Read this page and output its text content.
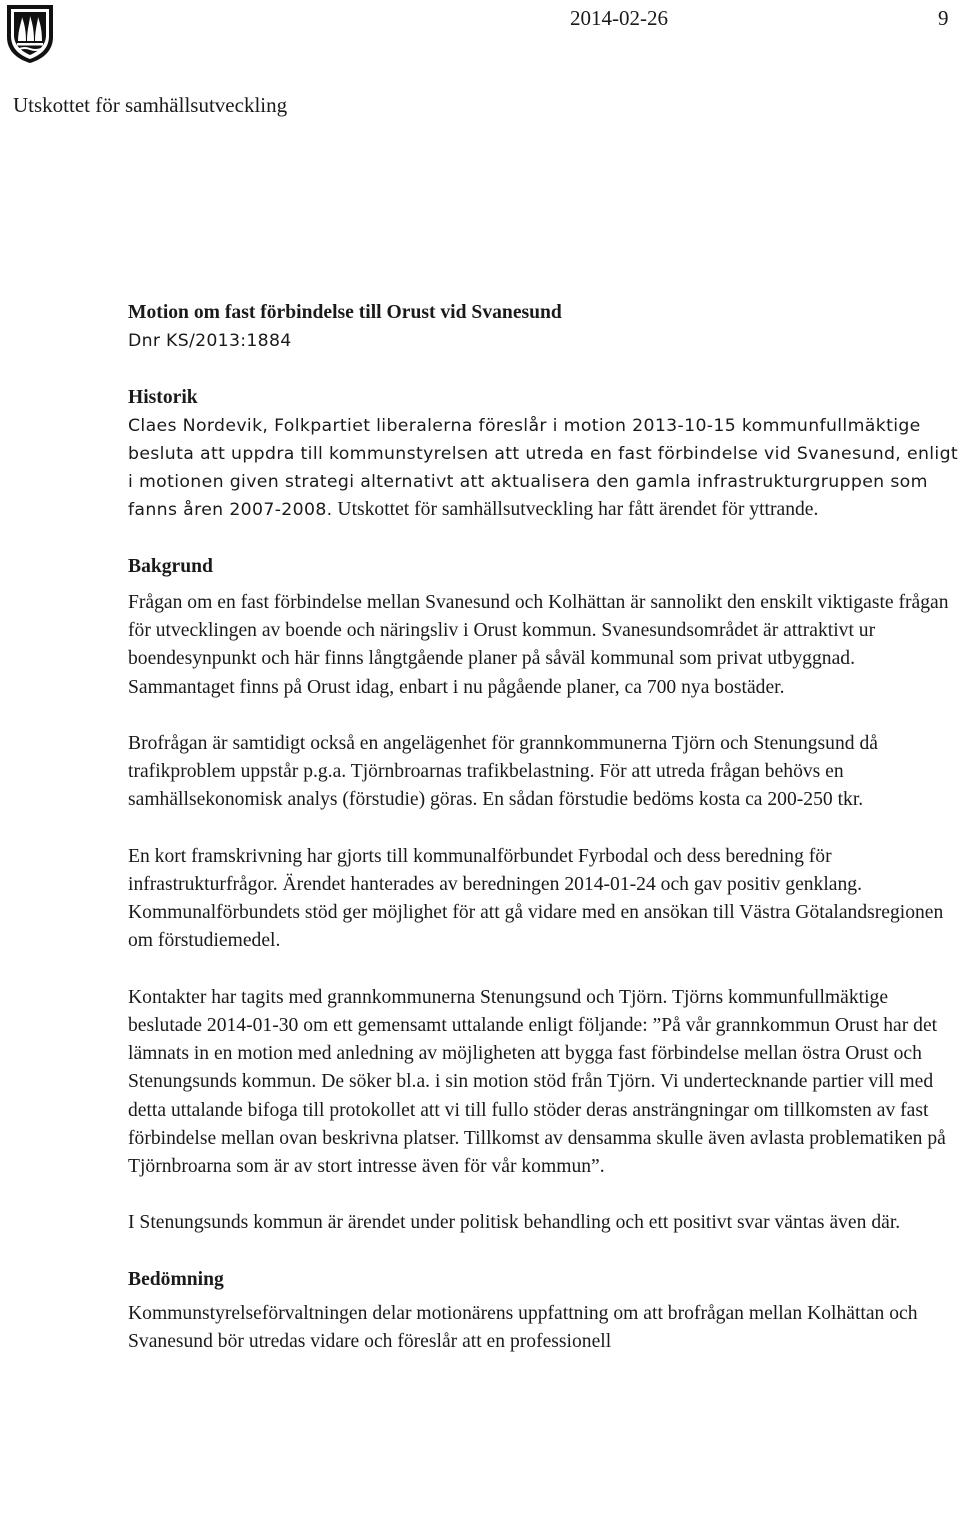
2014-02-26	9
Utskottet för samhällsutveckling

Motion om fast förbindelse till Orust vid Svanesund

Dnr KS/2013:1884

Historik

Claes Nordevik, Folkpartiet liberalerna föreslår i motion 2013-10-15 kommunfullmäktige besluta att uppdra till kommunstyrelsen att utreda en fast förbindelse vid Svanesund, enligt i motionen given strategi alternativt att aktualisera den gamla infrastrukturgruppen som fanns åren 2007-2008. Utskottet för samhällsutveckling har fått ärendet för yttrande.

Bakgrund

Frågan om en fast förbindelse mellan Svanesund och Kolhättan är sannolikt den enskilt viktigaste frågan för utvecklingen av boende och näringsliv i Orust kommun. Svanesundsområdet är attraktivt ur boendesynpunkt och här finns långtgående planer på såväl kommunal som privat utbyggnad. Sammantaget finns på Orust idag, enbart i nu pågående planer, ca 700 nya bostäder.

Brofrågan är samtidigt också en angelägenhet för grannkommunerna Tjörn och Stenungsund då trafikproblem uppstår p.g.a. Tjörnbroarnas trafikbelastning. För att utreda frågan behövs en samhällsekonomisk analys (förstudie) göras. En sådan förstudie bedöms kosta ca 200-250 tkr.

En kort framskrivning har gjorts till kommunalförbundet Fyrbodal och dess beredning för infrastrukturfrågor. Ärendet hanterades av beredningen 2014-01-24 och gav positiv genklang. Kommunalförbundets stöd ger möjlighet för att gå vidare med en ansökan till Västra Götalandsregionen om förstudiemedel.

Kontakter har tagits med grannkommunerna Stenungsund och Tjörn. Tjörns kommunfullmäktige beslutade 2014-01-30 om ett gemensamt uttalande enligt följande: ”På vår grannkommun Orust har det lämnats in en motion med anledning av möjligheten att bygga fast förbindelse mellan östra Orust och Stenungsunds kommun. De söker bl.a. i sin motion stöd från Tjörn. Vi undertecknande partier vill med detta uttalande bifoga till protokollet att vi till fullo stöder deras ansträngningar om tillkomsten av fast förbindelse mellan ovan beskrivna platser. Tillkomst av densamma skulle även avlasta problematiken på Tjörnbroarna som är av stort intresse även för vår kommun”.

I Stenungsunds kommun är ärendet under politisk behandling och ett positivt svar väntas även där.

Bedömning

Kommunstyrelseförvaltningen delar motionärens uppfattning om att brofrågan mellan Kolhättan och Svanesund bör utredas vidare och föreslår att en professionell
